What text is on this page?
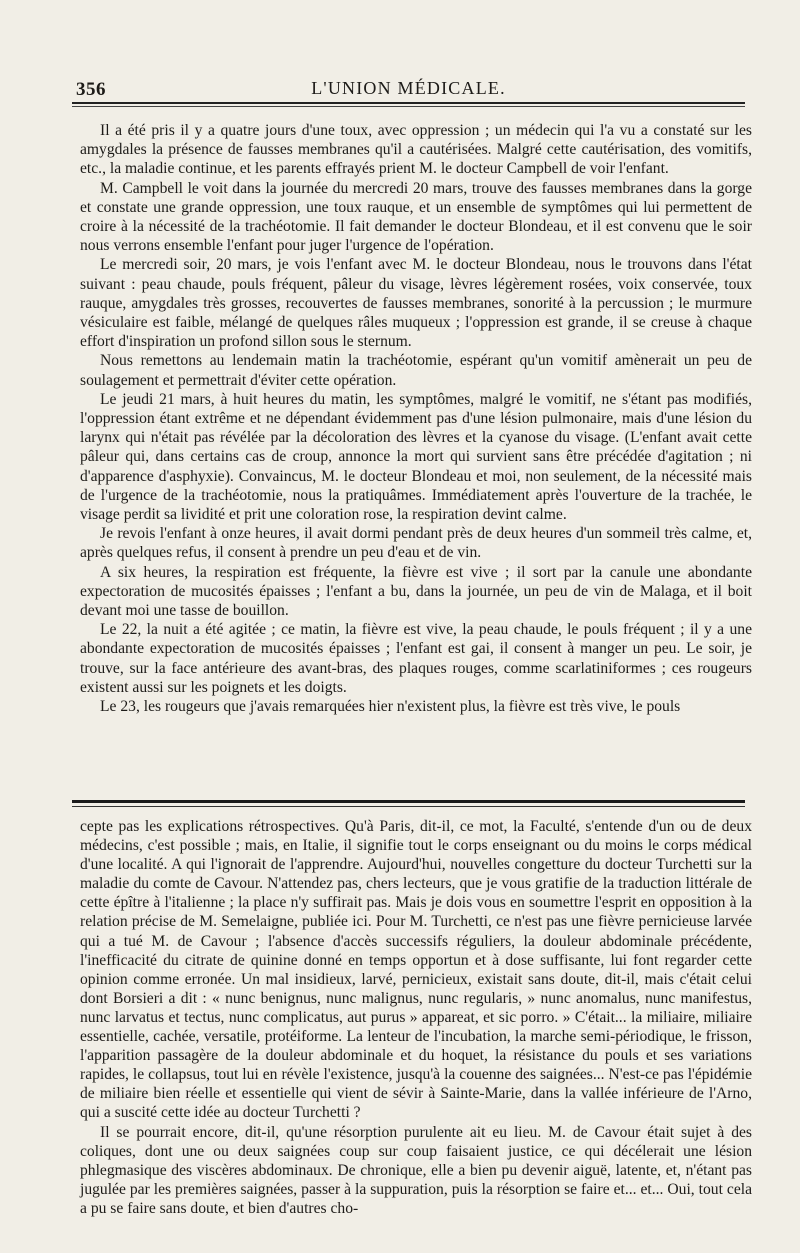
356	L'UNION MÉDICALE.

Il a été pris il y a quatre jours d'une toux, avec oppression ; un médecin qui l'a vu a constaté sur les amygdales la présence de fausses membranes qu'il a cautérisées. Malgré cette cautérisation, des vomitifs, etc., la maladie continue, et les parents effrayés prient M. le docteur Campbell de voir l'enfant.

M. Campbell le voit dans la journée du mercredi 20 mars, trouve des fausses membranes dans la gorge et constate une grande oppression, une toux rauque, et un ensemble de symptômes qui lui permettent de croire à la nécessité de la trachéotomie. Il fait demander le docteur Blondeau, et il est convenu que le soir nous verrons ensemble l'enfant pour juger l'urgence de l'opération.

Le mercredi soir, 20 mars, je vois l'enfant avec M. le docteur Blondeau, nous le trouvons dans l'état suivant : peau chaude, pouls fréquent, pâleur du visage, lèvres légèrement rosées, voix conservée, toux rauque, amygdales très grosses, recouvertes de fausses membranes, sonorité à la percussion ; le murmure vésiculaire est faible, mélangé de quelques râles muqueux ; l'oppression est grande, il se creuse à chaque effort d'inspiration un profond sillon sous le sternum.

Nous remettons au lendemain matin la trachéotomie, espérant qu'un vomitif amènerait un peu de soulagement et permettrait d'éviter cette opération.

Le jeudi 21 mars, à huit heures du matin, les symptômes, malgré le vomitif, ne s'étant pas modifiés, l'oppression étant extrême et ne dépendant évidemment pas d'une lésion pulmonaire, mais d'une lésion du larynx qui n'était pas révélée par la décoloration des lèvres et la cyanose du visage. (L'enfant avait cette pâleur qui, dans certains cas de croup, annonce la mort qui survient sans être précédée d'agitation ; ni d'apparence d'asphyxie). Convaincus, M. le docteur Blondeau et moi, non seulement, de la nécessité mais de l'urgence de la trachéotomie, nous la pratiquâmes. Immédiatement après l'ouverture de la trachée, le visage perdit sa lividité et prit une coloration rose, la respiration devint calme.

Je revois l'enfant à onze heures, il avait dormi pendant près de deux heures d'un sommeil très calme, et, après quelques refus, il consent à prendre un peu d'eau et de vin.

A six heures, la respiration est fréquente, la fièvre est vive ; il sort par la canule une abondante expectoration de mucosités épaisses ; l'enfant a bu, dans la journée, un peu de vin de Malaga, et il boit devant moi une tasse de bouillon.

Le 22, la nuit a été agitée ; ce matin, la fièvre est vive, la peau chaude, le pouls fréquent ; il y a une abondante expectoration de mucosités épaisses ; l'enfant est gai, il consent à manger un peu. Le soir, je trouve, sur la face antérieure des avant-bras, des plaques rouges, comme scarlatiniformes ; ces rougeurs existent aussi sur les poignets et les doigts.

Le 23, les rougeurs que j'avais remarquées hier n'existent plus, la fièvre est très vive, le pouls

cepte pas les explications rétrospectives. Qu'à Paris, dit-il, ce mot, la Faculté, s'entende d'un ou de deux médecins, c'est possible ; mais, en Italie, il signifie tout le corps enseignant ou du moins le corps médical d'une localité. A qui l'ignorait de l'apprendre. Aujourd'hui, nouvelles congetture du docteur Turchetti sur la maladie du comte de Cavour. N'attendez pas, chers lecteurs, que je vous gratifie de la traduction littérale de cette épître à l'italienne ; la place n'y suffirait pas. Mais je dois vous en soumettre l'esprit en opposition à la relation précise de M. Semelaigne, publiée ici. Pour M. Turchetti, ce n'est pas une fièvre pernicieuse larvée qui a tué M. de Cavour ; l'absence d'accès successifs réguliers, la douleur abdominale précédente, l'inefficacité du citrate de quinine donné en temps opportun et à dose suffisante, lui font regarder cette opinion comme erronée. Un mal insidieux, larvé, pernicieux, existait sans doute, dit-il, mais c'était celui dont Borsieri a dit : « nunc benignus, nunc malignus, nunc regularis, » nunc anomalus, nunc manifestus, nunc larvatus et tectus, nunc complicatus, aut purus » appareat, et sic porro. » C'était... la miliaire, miliaire essentielle, cachée, versatile, protéiforme. La lenteur de l'incubation, la marche semi-périodique, le frisson, l'apparition passagère de la douleur abdominale et du hoquet, la résistance du pouls et ses variations rapides, le collapsus, tout lui en révèle l'existence, jusqu'à la couenne des saignées... N'est-ce pas l'épidémie de miliaire bien réelle et essentielle qui vient de sévir à Sainte-Marie, dans la vallée inférieure de l'Arno, qui a suscité cette idée au docteur Turchetti ?

Il se pourrait encore, dit-il, qu'une résorption purulente ait eu lieu. M. de Cavour était sujet à des coliques, dont une ou deux saignées coup sur coup faisaient justice, ce qui décélerait une lésion phlegmasique des viscères abdominaux. De chronique, elle a bien pu devenir aiguë, latente, et, n'étant pas jugulée par les premières saignées, passer à la suppuration, puis la résorption se faire et... et... Oui, tout cela a pu se faire sans doute, et bien d'autres cho-
